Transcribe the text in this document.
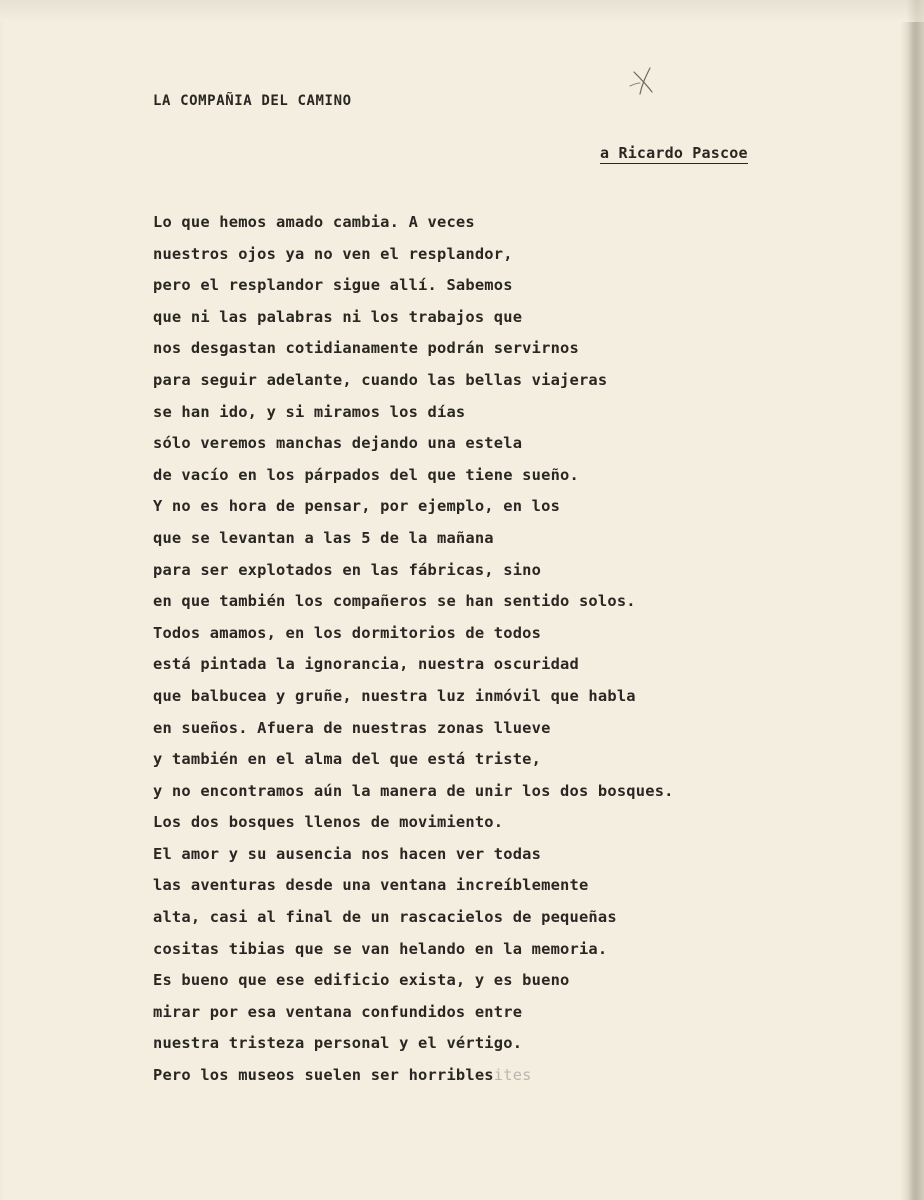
LA COMPAÑIA DEL CAMINO
a Ricardo Pascoe
Lo que hemos amado cambia. A veces
nuestros ojos ya no ven el resplandor,
pero el resplandor sigue allí. Sabemos
que ni las palabras ni los trabajos que
nos desgastan cotidianamente podrán servirnos
para seguir adelante, cuando las bellas viajeras
se han ido, y si miramos los días
sólo veremos manchas dejando una estela
de vacío en los párpados del que tiene sueño.
Y no es hora de pensar, por ejemplo, en los
que se levantan a las 5 de la mañana
para ser explotados en las fábricas, sino
en que también los compañeros se han sentido solos.
Todos amamos, en los dormitorios de todos
está pintada la ignorancia, nuestra oscuridad
que balbucea y gruñe, nuestra luz inmóvil que habla
en sueños. Afuera de nuestras zonas llueve
y también en el alma del que está triste,
y no encontramos aún la manera de unir los dos bosques.
Los dos bosques llenos de movimiento.
El amor y su ausencia nos hacen ver todas
las aventuras desde una ventana increíblemente
alta, casi al final de un rascacielos de pequeñas
cositas tibias que se van helando en la memoria.
Es bueno que ese edificio exista, y es bueno
mirar por esa ventana confundidos entre
nuestra tristeza personal y el vértigo.
Pero los museos suelen ser horriblesites
